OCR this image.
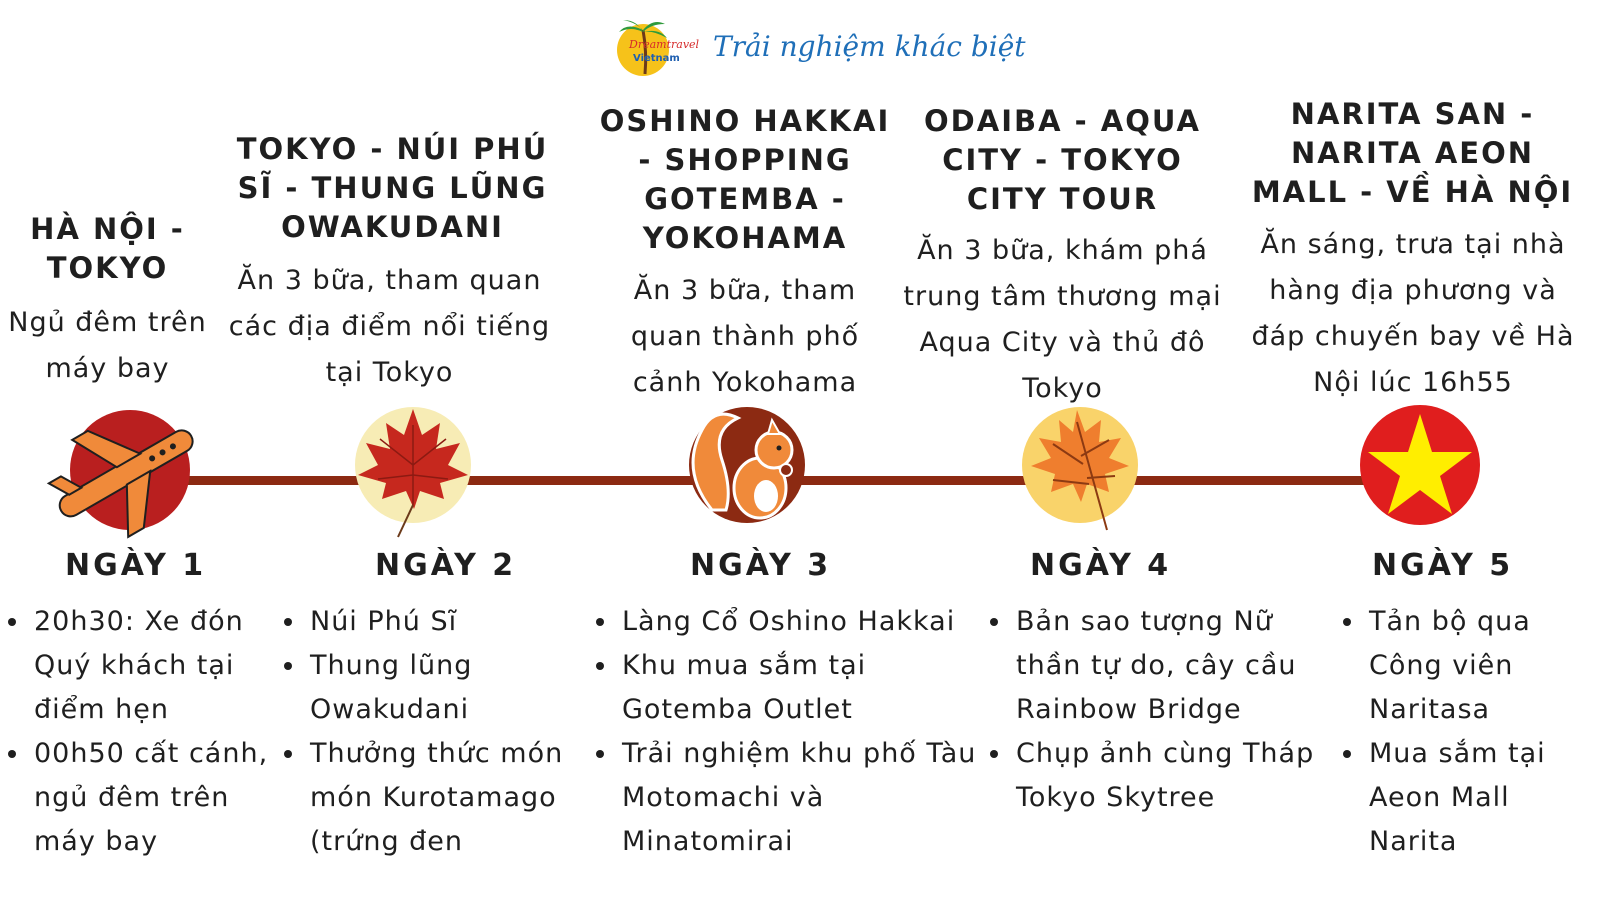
Dreamtravel
Vietnam Trải nghiệm khác biệt
HÀ NỘI - TOKYO
Ngủ đêm trên máy bay
NGÀY 1
20h30: Xe đón Quý khách tại điểm hẹn
00h50 cất cánh, ngủ đêm trên máy bay
TOKYO - NÚI PHÚ SĨ - THUNG LŨNG OWAKUDANI
Ăn 3 bữa, tham quan các địa điểm nổi tiếng tại Tokyo
NGÀY 2
Núi Phú Sĩ
Thung lũng Owakudani
Thưởng thức món món Kurotamago (trứng đen
OSHINO HAKKAI - SHOPPING GOTEMBA - YOKOHAMA
Ăn 3 bữa, tham quan thành phố cảnh Yokohama
NGÀY 3
Làng Cổ Oshino Hakkai
Khu mua sắm tại Gotemba Outlet
Trải nghiệm khu phố Tàu Motomachi và Minatomirai
ODAIBA - AQUA CITY - TOKYO CITY TOUR
Ăn 3 bữa, khám phá trung tâm thương mại Aqua City và thủ đô Tokyo
NGÀY 4
Bản sao tượng Nữ thần tự do, cây cầu Rainbow Bridge
Chụp ảnh cùng Tháp Tokyo Skytree
NARITA SAN - NARITA AEON MALL - VỀ HÀ NỘI
Ăn sáng, trưa tại nhà hàng địa phương và đáp chuyến bay về Hà Nội lúc 16h55
NGÀY 5
Tản bộ qua Công viên Naritasa
Mua sắm tại Aeon Mall Narita
